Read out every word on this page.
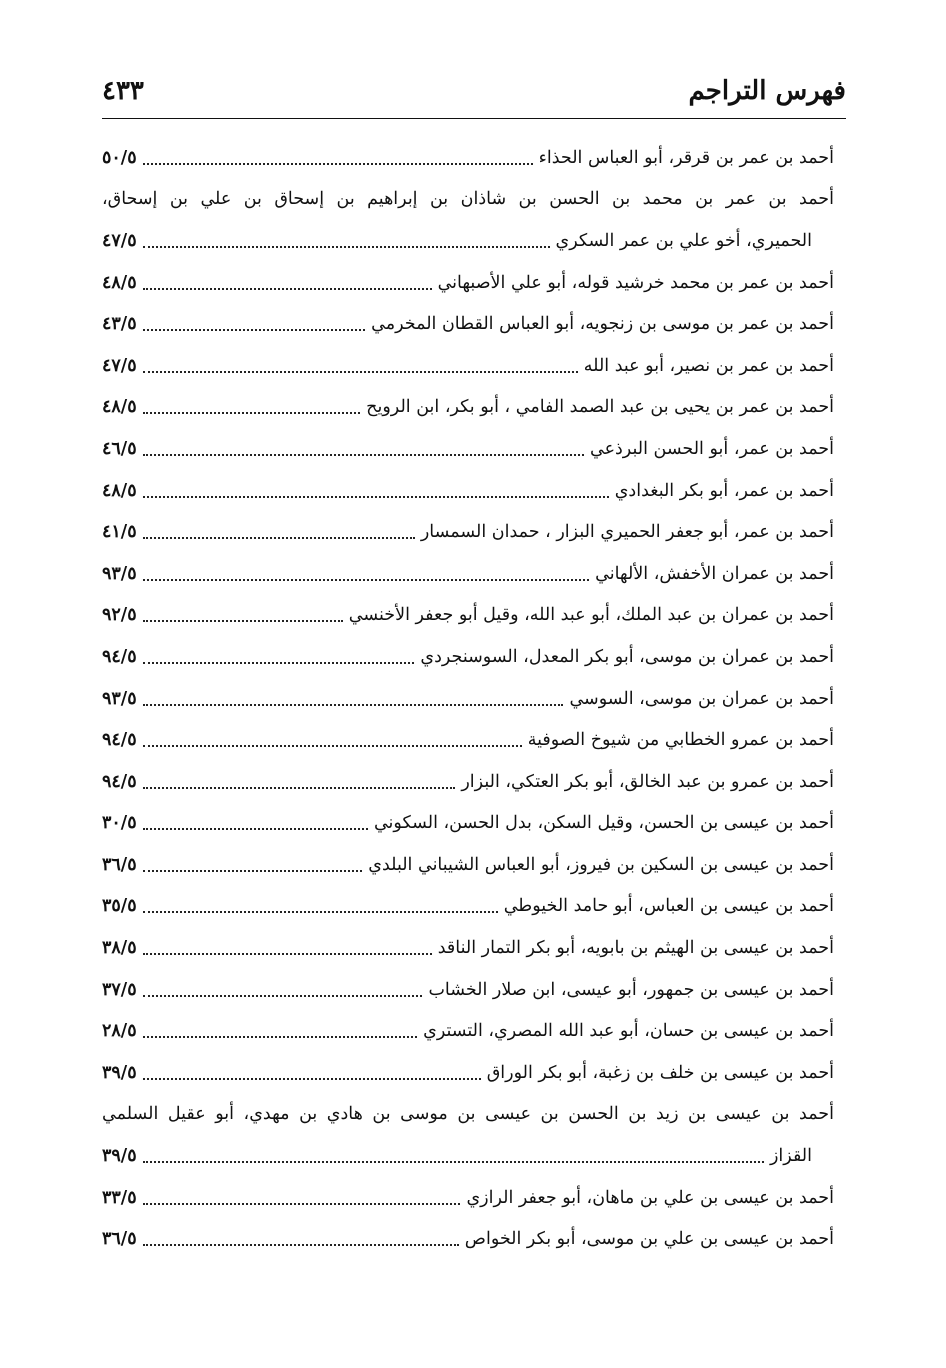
فهرس التراجم
٤٣٣
أحمد بن عمر بن قرقر، أبو العباس الحذاء
٥٠/٥
أحمد بن عمر بن محمد بن الحسن بن شاذان بن إبراهيم بن إسحاق بن علي بن إسحاق،
الحميري، أخو علي بن عمر السكري
٤٧/٥
أحمد بن عمر بن محمد خرشيد قوله، أبو علي الأصبهاني
٤٨/٥
أحمد بن عمر بن موسى بن زنجويه، أبو العباس القطان المخرمي
٤٣/٥
أحمد بن عمر بن نصير، أبو عبد الله
٤٧/٥
أحمد بن عمر بن يحيى بن عبد الصمد الفامي ، أبو بكر، ابن الرويح
٤٨/٥
أحمد بن عمر، أبو الحسن البرذعي
٤٦/٥
أحمد بن عمر، أبو بكر البغدادي
٤٨/٥
أحمد بن عمر، أبو جعفر الحميري البزار ، حمدان السمسار
٤١/٥
أحمد بن عمران الأخفش، الألهاني
٩٣/٥
أحمد بن عمران بن عبد الملك، أبو عبد الله، وقيل أبو جعفر الأخنسي
٩٢/٥
أحمد بن عمران بن موسى، أبو بكر المعدل، السوسنجردي
٩٤/٥
أحمد بن عمران بن موسى، السوسي
٩٣/٥
أحمد بن عمرو الخطابي من شيوخ الصوفية
٩٤/٥
أحمد بن عمرو بن عبد الخالق، أبو بكر العتكي، البزار
٩٤/٥
أحمد بن عيسى بن الحسن، وقيل السكن، بدل الحسن، السكوني
٣٠/٥
أحمد بن عيسى بن السكين بن فيروز، أبو العباس الشيباني البلدي
٣٦/٥
أحمد بن عيسى بن العباس، أبو حامد الخيوطي
٣٥/٥
أحمد بن عيسى بن الهيثم بن بابويه، أبو بكر التمار الناقد
٣٨/٥
أحمد بن عيسى بن جمهور، أبو عيسى، ابن صلار الخشاب
٣٧/٥
أحمد بن عيسى بن حسان، أبو عبد الله المصري، التستري
٢٨/٥
أحمد بن عيسى بن خلف بن زغبة، أبو بكر الوراق
٣٩/٥
أحمد بن عيسى بن زيد بن الحسن بن عيسى بن موسى بن هادي بن مهدي، أبو عقيل السلمي
القزاز
٣٩/٥
أحمد بن عيسى بن علي بن ماهان، أبو جعفر الرازي
٣٣/٥
أحمد بن عيسى بن علي بن موسى، أبو بكر الخواص
٣٦/٥
